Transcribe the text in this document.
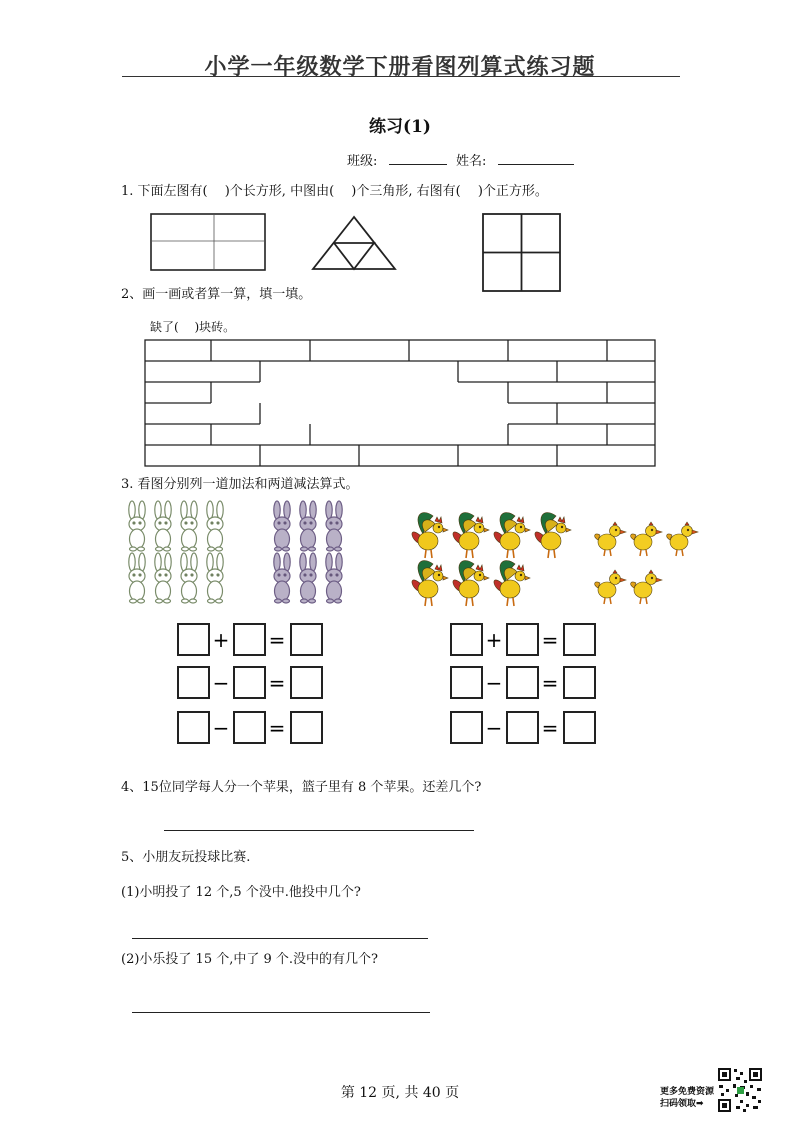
小学一年级数学下册看图列算式练习题
练习(1)
班级:	姓名:
1. 下面左图有(　 )个长方形, 中图由(　 )个三角形, 右图有(　 )个正方形。
2、画一画或者算一算，填一填。
缺了(　 )块砖。
3. 看图分别列一道加法和两道减法算式。
+ =
− =
− =
+ =
− =
− =
4、15位同学每人分一个苹果，篮子里有 8 个苹果。还差几个?
5、小朋友玩投球比赛.
(1)小明投了 12 个,5 个没中.他投中几个?
(2)小乐投了 15 个,中了 9 个.没中的有几个?
第 12 页, 共 40 页	更多免费资源
扫码领取➡
